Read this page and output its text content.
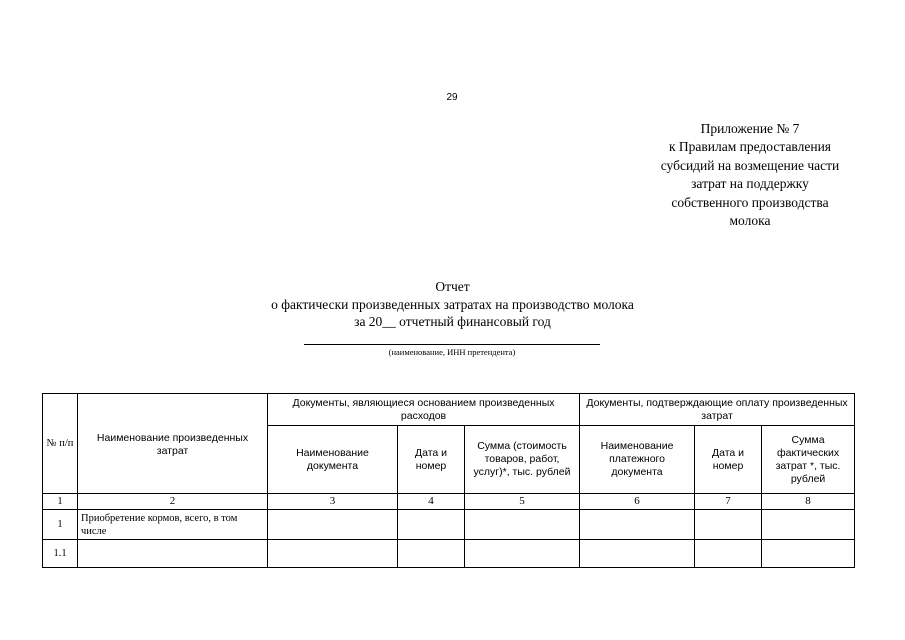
29
Приложение № 7
к Правилам предоставления
субсидий на возмещение части
затрат на поддержку
собственного производства
молока
Отчет
о фактически произведенных затратах на производство молока
за 20__ отчетный финансовый год
(наименование, ИНН претендента)
№ п/п	Наименование произведенных затрат	Документы, являющиеся основанием произведенных расходов			Документы, подтверждающие оплату произведенных затрат		
		Наименование документа	Дата и номер	Сумма (стоимость товаров, работ, услуг)*, тыс. рублей	Наименование платежного документа	Дата и номер	Сумма фактических затрат *, тыс. рублей
1	2	3	4	5	6	7	8
1	Приобретение кормов, всего, в том числе						
1.1							
